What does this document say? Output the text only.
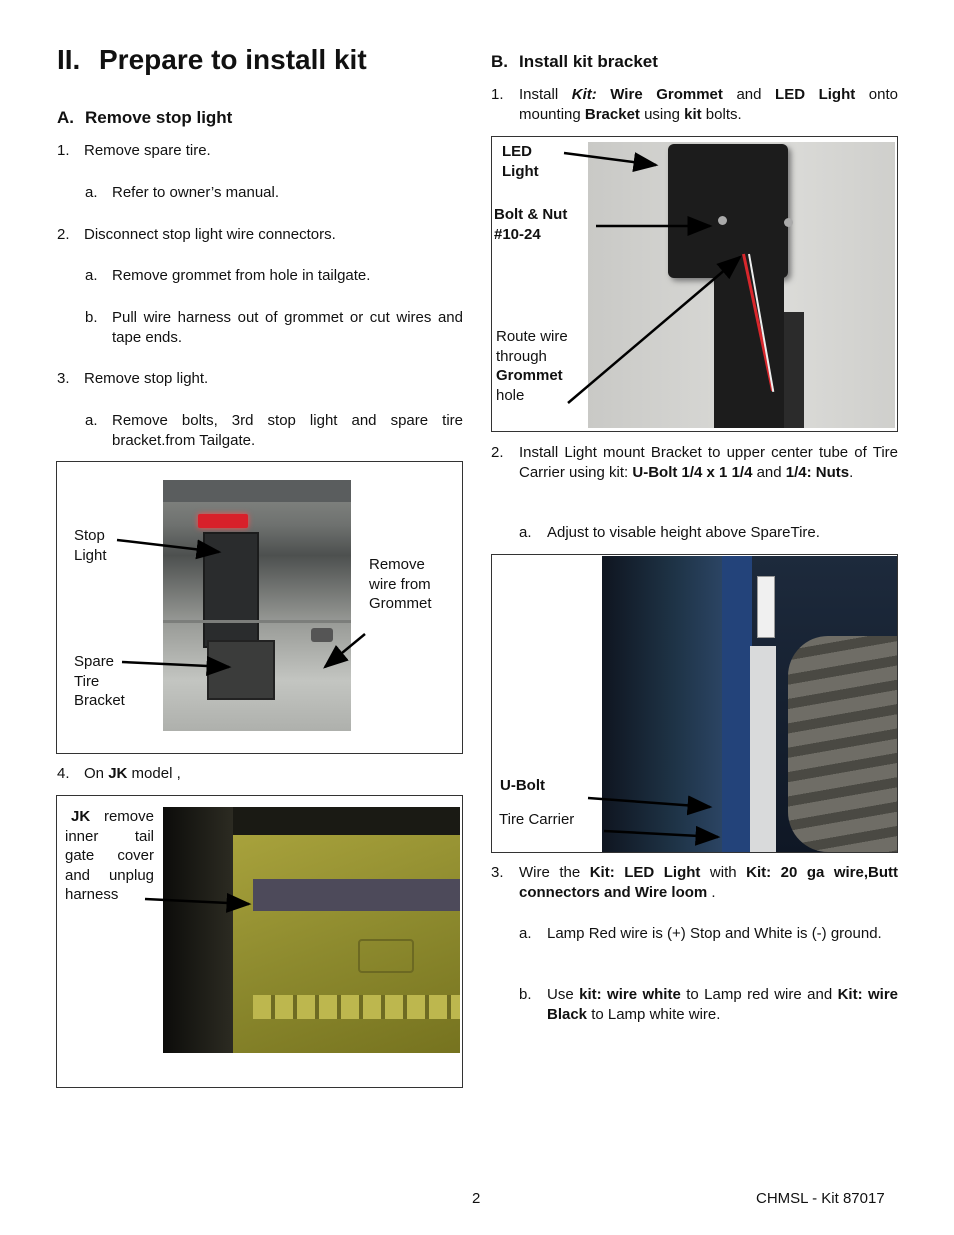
II. Prepare to install kit
A. Remove stop light
1. Remove spare tire.
a. Refer to owner’s manual.
2. Disconnect stop light wire connectors.
a. Remove grommet from hole in tailgate.
b. Pull wire harness out of grommet or cut wires and tape ends.
3. Remove stop light.
a. Remove bolts, 3rd stop light and spare tire bracket.from Tailgate.
Stop
Light
Remove
wire from
Grommet
Spare
Tire
Bracket
4. On JK model ,
JK remove
inner tail
gate cover
and unplug
harness
B. Install kit bracket
1. Install Kit: Wire Grommet and LED Light onto mounting Bracket using kit bolts.
LED
Light
Bolt & Nut
#10-24
Route wire
through
Grommet
hole
2. Install Light mount Bracket to upper center tube of Tire Carrier using kit: U-Bolt 1/4 x 1 1/4 and 1/4: Nuts.
a. Adjust to visable height above SpareTire.
U-Bolt
Tire Carrier
3. Wire the Kit: LED Light with Kit: 20 ga wire,Butt connectors and Wire loom .
a. Lamp Red wire is (+) Stop and White is (-) ground.
b. Use kit: wire white to Lamp red wire and Kit: wire Black to Lamp white wire.
2	CHMSL - Kit 87017
